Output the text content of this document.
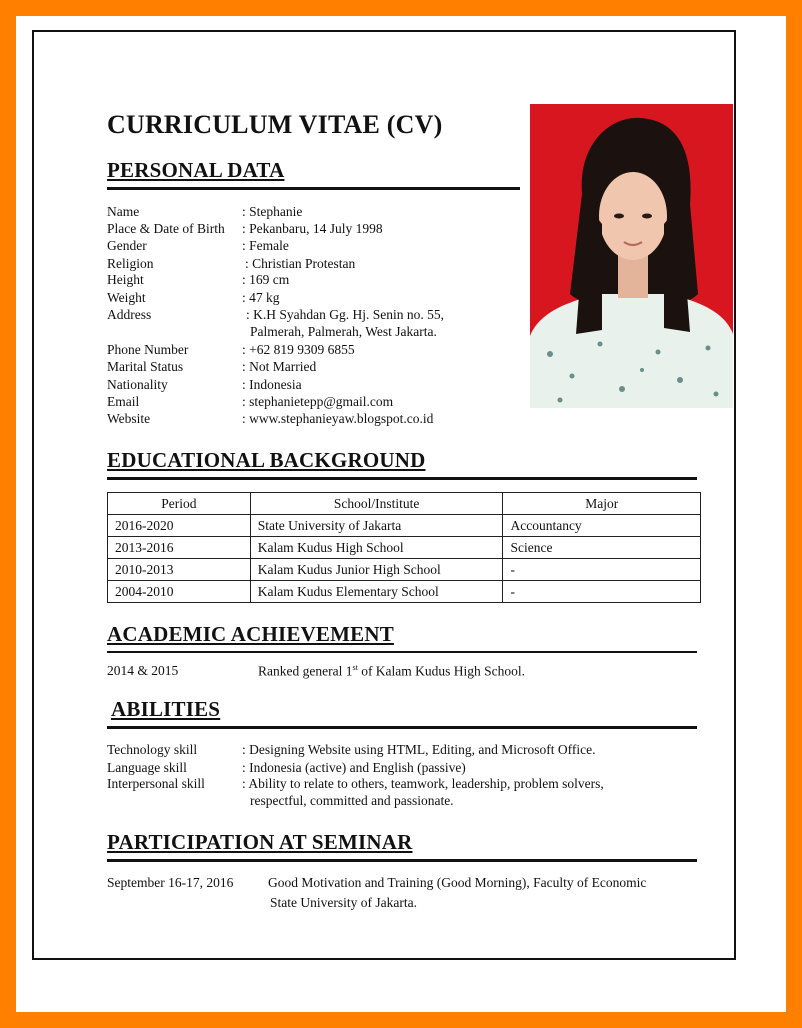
CURRICULUM VITAE (CV)
PERSONAL DATA
Name	: Stephanie
Place & Date of Birth : Pekanbaru, 14 July 1998
Gender	: Female
Religion	: Christian Protestan
Height	: 169 cm
Weight	: 47 kg
Address	: K.H Syahdan Gg. Hj. Senin no. 55,
Palmerah, Palmerah, West Jakarta.
Phone Number	: +62 819 9309 6855
Marital Status	: Not Married
Nationality	: Indonesia
Email	: stephanietepp@gmail.com
Website	: www.stephanieyaw.blogspot.co.id
EDUCATIONAL BACKGROUND
Period	School/Institute	Major
2016-2020	State University of Jakarta	Accountancy
2013-2016	Kalam Kudus High School	Science
2010-2013	Kalam Kudus Junior High School	-
2004-2010	Kalam Kudus Elementary School	-
ACADEMIC ACHIEVEMENT
2014 & 2015	Ranked general 1st of Kalam Kudus High School.
ABILITIES
Technology skill	: Designing Website using HTML, Editing, and Microsoft Office.
Language skill	: Indonesia (active) and English (passive)
Interpersonal skill	: Ability to relate to others, teamwork, leadership, problem solvers,
respectful, committed and passionate.
PARTICIPATION AT SEMINAR
September 16-17, 2016	Good Motivation and Training (Good Morning), Faculty of Economic
State University of Jakarta.
